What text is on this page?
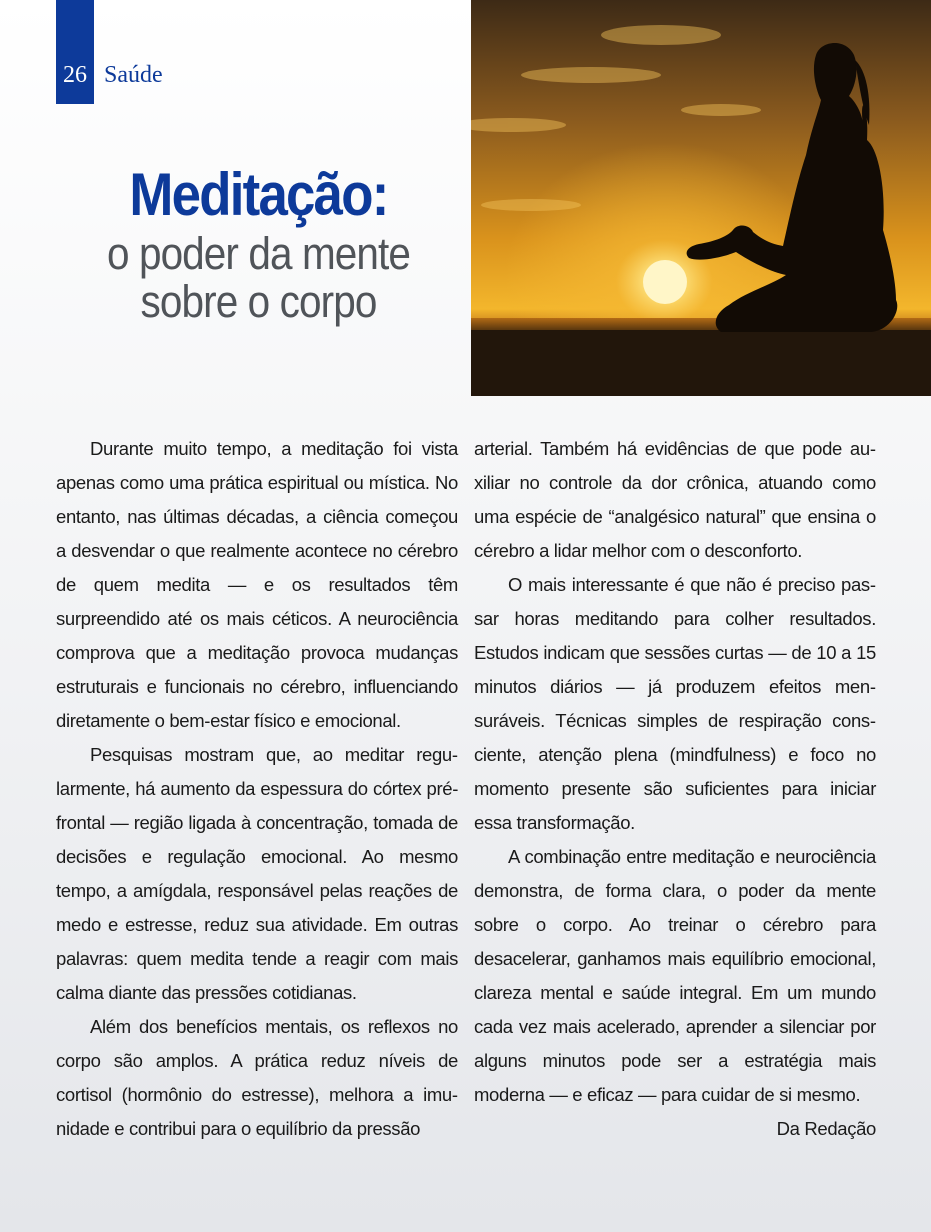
26 Saúde
Meditação:
o poder da mente
sobre o corpo

Durante muito tempo, a meditação foi vista apenas como uma prática espiritual ou mística. No entanto, nas últimas décadas, a ciência começou a desvendar o que realmente acontece no cérebro de quem medita — e os resultados têm surpreendido até os mais céticos. A neurociência comprova que a meditação provoca mudanças estruturais e funcionais no cérebro, influenciando diretamente o bem-estar físico e emocional.

Pesquisas mostram que, ao meditar regularmente, há aumento da espessura do córtex pré-frontal — região ligada à concentração, tomada de decisões e regulação emocional. Ao mesmo tempo, a amígdala, responsável pelas reações de medo e estresse, reduz sua atividade. Em outras palavras: quem medita tende a reagir com mais calma diante das pressões cotidianas.

Além dos benefícios mentais, os reflexos no corpo são amplos. A prática reduz níveis de cortisol (hormônio do estresse), melhora a imunidade e contribui para o equilíbrio da pressão

arterial. Também há evidências de que pode auxiliar no controle da dor crônica, atuando como uma espécie de “analgésico natural” que ensina o cérebro a lidar melhor com o desconforto.

O mais interessante é que não é preciso passar horas meditando para colher resultados. Estudos indicam que sessões curtas — de 10 a 15 minutos diários — já produzem efeitos mensuráveis. Técnicas simples de respiração consciente, atenção plena (mindfulness) e foco no momento presente são suficientes para iniciar essa transformação.

A combinação entre meditação e neurociência demonstra, de forma clara, o poder da mente sobre o corpo. Ao treinar o cérebro para desacelerar, ganhamos mais equilíbrio emocional, clareza mental e saúde integral. Em um mundo cada vez mais acelerado, aprender a silenciar por alguns minutos pode ser a estratégia mais moderna — e eficaz — para cuidar de si mesmo.

Da Redação
